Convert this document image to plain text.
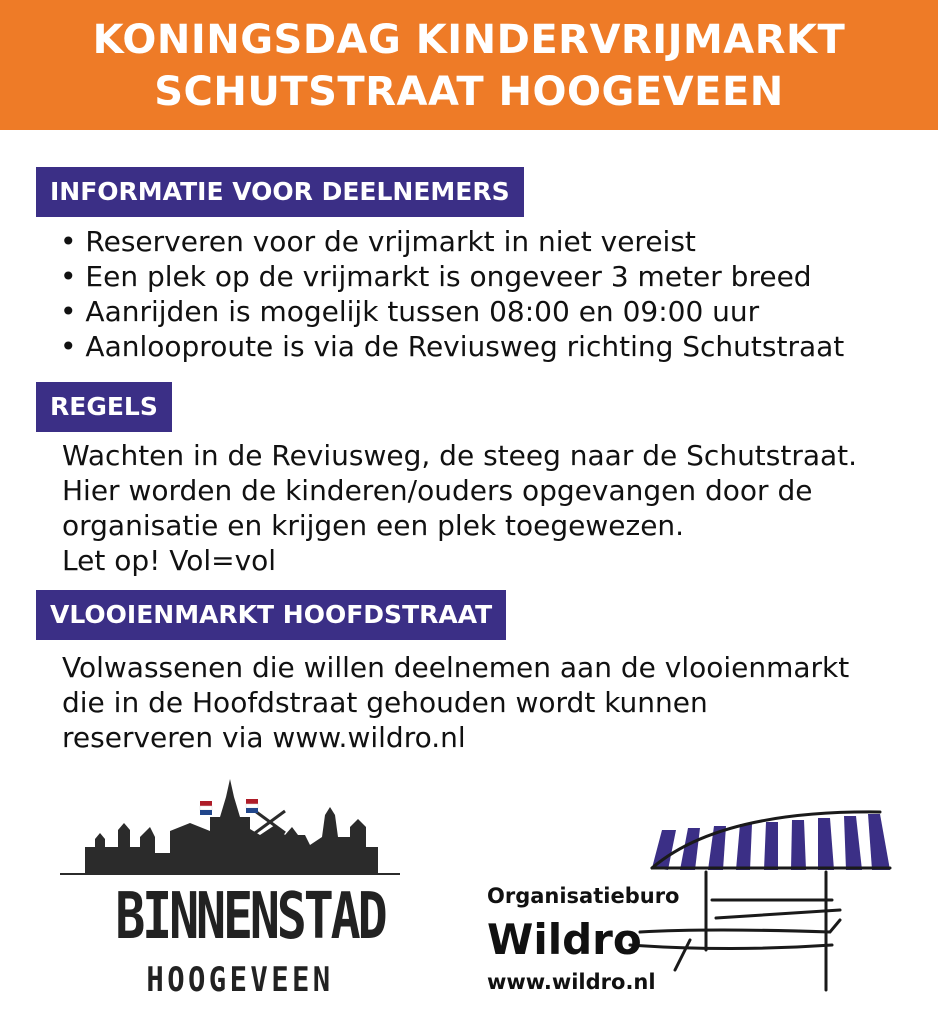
KONINGSDAG KINDERVRIJMARKT
SCHUTSTRAAT HOOGEVEEN
INFORMATIE VOOR DEELNEMERS
• Reserveren voor de vrijmarkt in niet vereist
• Een plek op de vrijmarkt is ongeveer 3 meter breed
• Aanrijden is mogelijk tussen 08:00 en 09:00 uur
• Aanlooproute is via de Reviusweg richting Schutstraat
REGELS
Wachten in de Reviusweg, de steeg naar de Schutstraat.
Hier worden de kinderen/ouders opgevangen door de
organisatie en krijgen een plek toegewezen.
Let op! Vol=vol
VLOOIENMARKT HOOFDSTRAAT
Volwassenen die willen deelnemen aan de vlooienmarkt
die in de Hoofdstraat gehouden wordt kunnen
reserveren via www.wildro.nl
BINNENSTAD
HOOGEVEEN
Organisatieburo
Wildro
www.wildro.nl
